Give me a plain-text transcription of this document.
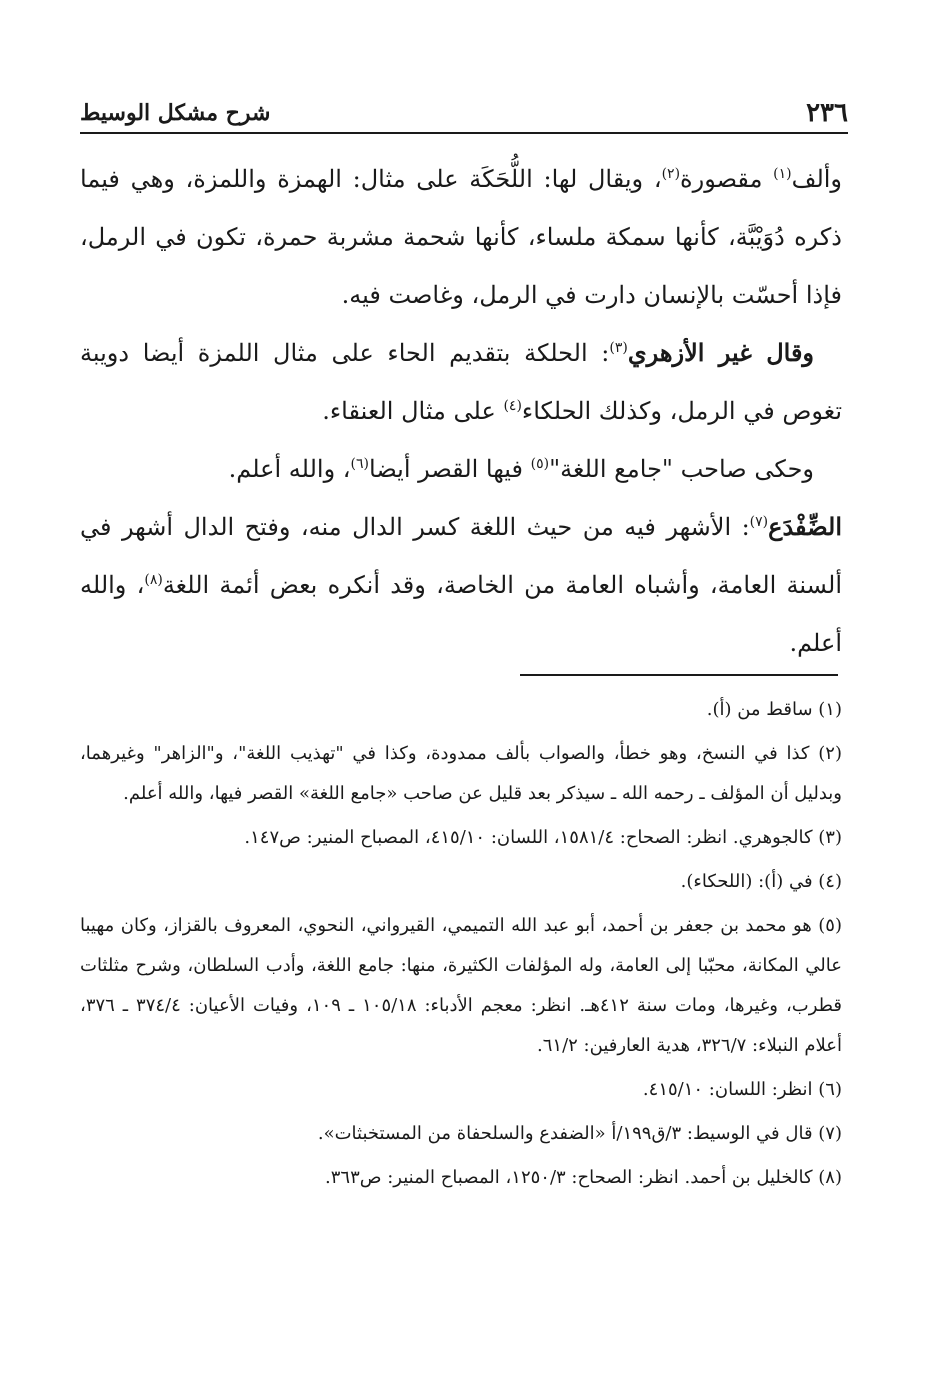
٢٣٦
شرح مشكل الوسيط

وألف$^{(١)}$ مقصورة$^{(٢)}$، ويقال لها: اللُّحَكَة على مثال: الهمزة واللمزة، وهي فيما ذكره دُوَيْبَّة، كأنها سمكة ملساء، كأنها شحمة مشربة حمرة، تكون في الرمل، فإذا أحسّت بالإنسان دارت في الرمل، وغاصت فيه.

وقال غير الأزهري$^{(٣)}$: الحلكة بتقديم الحاء على مثال اللمزة أيضا دويبة تغوص في الرمل، وكذلك الحلكاء$^{(٤)}$ على مثال العنقاء.

وحكى صاحب "جامع اللغة"$^{(٥)}$ فيها القصر أيضا$^{(٦)}$، والله أعلم.

الضِّفْدَع$^{(٧)}$: الأشهر فيه من حيث اللغة كسر الدال منه، وفتح الدال أشهر في ألسنة العامة، وأشباه العامة من الخاصة، وقد أنكره بعض أئمة اللغة$^{(٨)}$، والله أعلم.

(١) ساقط من (أ).

(٢) كذا في النسخ، وهو خطأ، والصواب بألف ممدودة، وكذا في "تهذيب اللغة"، و"الزاهر" وغيرهما، وبدليل أن المؤلف ـ رحمه الله ـ سيذكر بعد قليل عن صاحب «جامع اللغة» القصر فيها، والله أعلم.

(٣) كالجوهري. انظر: الصحاح: ١٥٨١/٤، اللسان: ٤١٥/١٠، المصباح المنير: ص١٤٧.

(٤) في (أ): (اللحكاء).

(٥) هو محمد بن جعفر بن أحمد، أبو عبد الله التميمي، القيرواني، النحوي، المعروف بالقزاز، وكان مهيبا عالي المكانة، محبّبا إلى العامة، وله المؤلفات الكثيرة، منها: جامع اللغة، وأدب السلطان، وشرح مثلثات قطرب، وغيرها، ومات سنة ٤١٢هـ. انظر: معجم الأدباء: ١٠٥/١٨ ـ ١٠٩، وفيات الأعيان: ٣٧٤/٤ ـ ٣٧٦، أعلام النبلاء: ٣٢٦/٧، هدية العارفين: ٦١/٢.

(٦) انظر: اللسان: ٤١٥/١٠.

(٧) قال في الوسيط: ٣/ق١٩٩/أ «الضفدع والسلحفاة من المستخبثات».

(٨) كالخليل بن أحمد. انظر: الصحاح: ١٢٥٠/٣، المصباح المنير: ص٣٦٣.
